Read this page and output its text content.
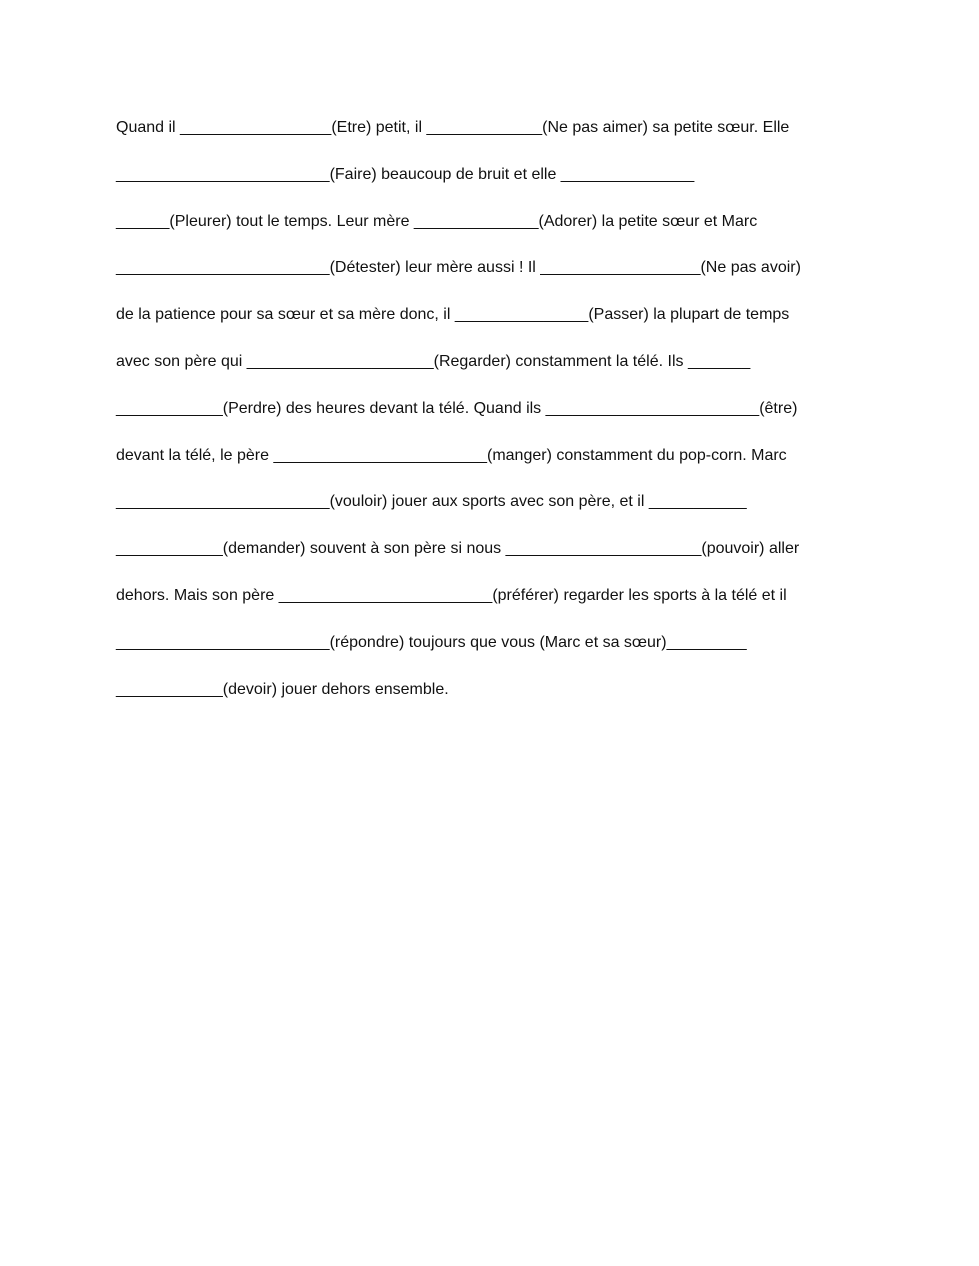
Quand il _________________(Etre) petit, il _____________(Ne pas aimer) sa petite sœur. Elle
________________________(Faire) beaucoup de bruit et elle _______________
______(Pleurer) tout le temps. Leur mère ______________(Adorer) la petite sœur et Marc
________________________(Détester) leur mère aussi ! Il __________________(Ne pas avoir)
de la patience pour sa sœur et sa mère donc, il _______________(Passer) la plupart de temps
avec son père qui _____________________(Regarder) constamment la télé. Ils _______
____________(Perdre) des heures devant la télé. Quand ils ________________________(être)
devant la télé, le père ________________________(manger) constamment du pop-corn. Marc
________________________(vouloir) jouer aux sports avec son père, et il ___________
____________(demander) souvent à son père si nous ______________________(pouvoir) aller
dehors. Mais son père ________________________(préférer) regarder les sports à la télé et il
________________________(répondre) toujours que vous (Marc et sa sœur)_________
____________(devoir) jouer dehors ensemble.
